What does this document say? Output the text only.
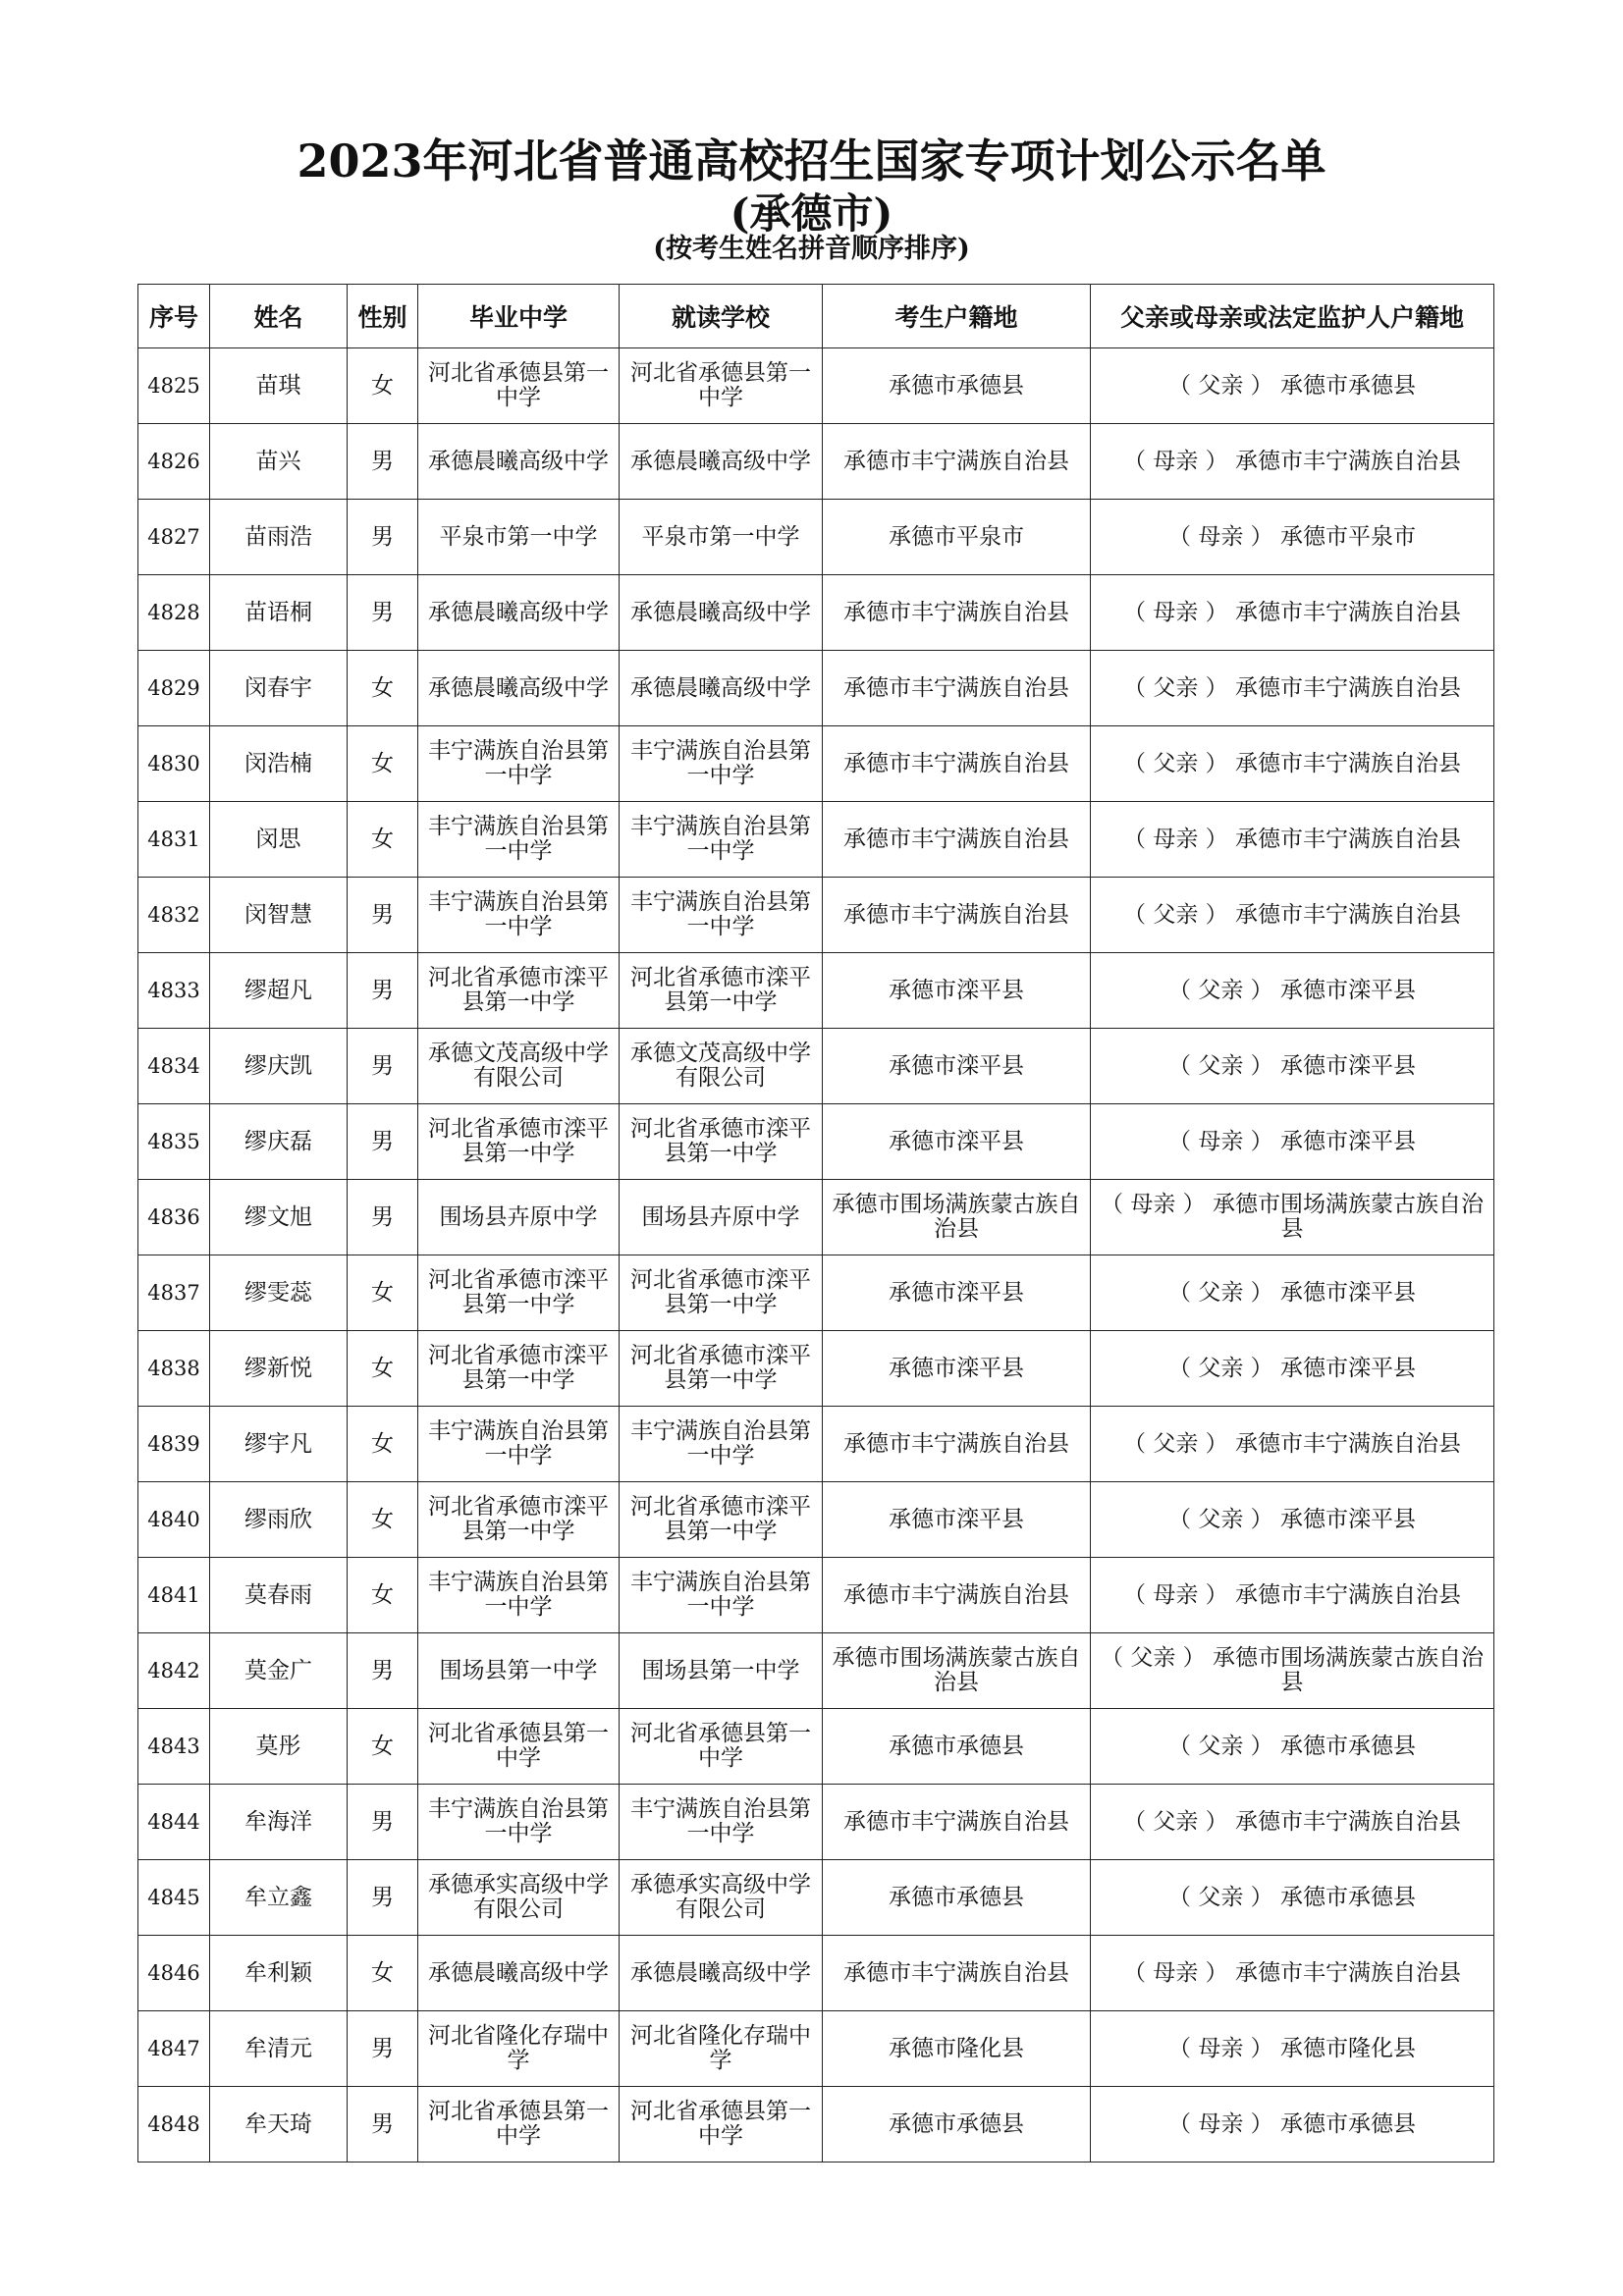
2023年河北省普通高校招生国家专项计划公示名单
(承德市)
(按考生姓名拼音顺序排序)
序号	姓名	性别	毕业中学	就读学校	考生户籍地	父亲或母亲或法定监护人户籍地
4825	苗琪	女	河北省承德县第一中学	河北省承德县第一中学	承德市承德县	（ 父亲 ） 承德市承德县
4826	苗兴	男	承德晨曦高级中学	承德晨曦高级中学	承德市丰宁满族自治县	（ 母亲 ） 承德市丰宁满族自治县
4827	苗雨浩	男	平泉市第一中学	平泉市第一中学	承德市平泉市	（ 母亲 ） 承德市平泉市
4828	苗语桐	男	承德晨曦高级中学	承德晨曦高级中学	承德市丰宁满族自治县	（ 母亲 ） 承德市丰宁满族自治县
4829	闵春宇	女	承德晨曦高级中学	承德晨曦高级中学	承德市丰宁满族自治县	（ 父亲 ） 承德市丰宁满族自治县
4830	闵浩楠	女	丰宁满族自治县第一中学	丰宁满族自治县第一中学	承德市丰宁满族自治县	（ 父亲 ） 承德市丰宁满族自治县
4831	闵思	女	丰宁满族自治县第一中学	丰宁满族自治县第一中学	承德市丰宁满族自治县	（ 母亲 ） 承德市丰宁满族自治县
4832	闵智慧	男	丰宁满族自治县第一中学	丰宁满族自治县第一中学	承德市丰宁满族自治县	（ 父亲 ） 承德市丰宁满族自治县
4833	缪超凡	男	河北省承德市滦平县第一中学	河北省承德市滦平县第一中学	承德市滦平县	（ 父亲 ） 承德市滦平县
4834	缪庆凯	男	承德文茂高级中学有限公司	承德文茂高级中学有限公司	承德市滦平县	（ 父亲 ） 承德市滦平县
4835	缪庆磊	男	河北省承德市滦平县第一中学	河北省承德市滦平县第一中学	承德市滦平县	（ 母亲 ） 承德市滦平县
4836	缪文旭	男	围场县卉原中学	围场县卉原中学	承德市围场满族蒙古族自治县	（ 母亲 ） 承德市围场满族蒙古族自治县
4837	缪雯蕊	女	河北省承德市滦平县第一中学	河北省承德市滦平县第一中学	承德市滦平县	（ 父亲 ） 承德市滦平县
4838	缪新悦	女	河北省承德市滦平县第一中学	河北省承德市滦平县第一中学	承德市滦平县	（ 父亲 ） 承德市滦平县
4839	缪宇凡	女	丰宁满族自治县第一中学	丰宁满族自治县第一中学	承德市丰宁满族自治县	（ 父亲 ） 承德市丰宁满族自治县
4840	缪雨欣	女	河北省承德市滦平县第一中学	河北省承德市滦平县第一中学	承德市滦平县	（ 父亲 ） 承德市滦平县
4841	莫春雨	女	丰宁满族自治县第一中学	丰宁满族自治县第一中学	承德市丰宁满族自治县	（ 母亲 ） 承德市丰宁满族自治县
4842	莫金广	男	围场县第一中学	围场县第一中学	承德市围场满族蒙古族自治县	（ 父亲 ） 承德市围场满族蒙古族自治县
4843	莫彤	女	河北省承德县第一中学	河北省承德县第一中学	承德市承德县	（ 父亲 ） 承德市承德县
4844	牟海洋	男	丰宁满族自治县第一中学	丰宁满族自治县第一中学	承德市丰宁满族自治县	（ 父亲 ） 承德市丰宁满族自治县
4845	牟立鑫	男	承德承实高级中学有限公司	承德承实高级中学有限公司	承德市承德县	（ 父亲 ） 承德市承德县
4846	牟利颖	女	承德晨曦高级中学	承德晨曦高级中学	承德市丰宁满族自治县	（ 母亲 ） 承德市丰宁满族自治县
4847	牟清元	男	河北省隆化存瑞中学	河北省隆化存瑞中学	承德市隆化县	（ 母亲 ） 承德市隆化县
4848	牟天琦	男	河北省承德县第一中学	河北省承德县第一中学	承德市承德县	（ 母亲 ） 承德市承德县
